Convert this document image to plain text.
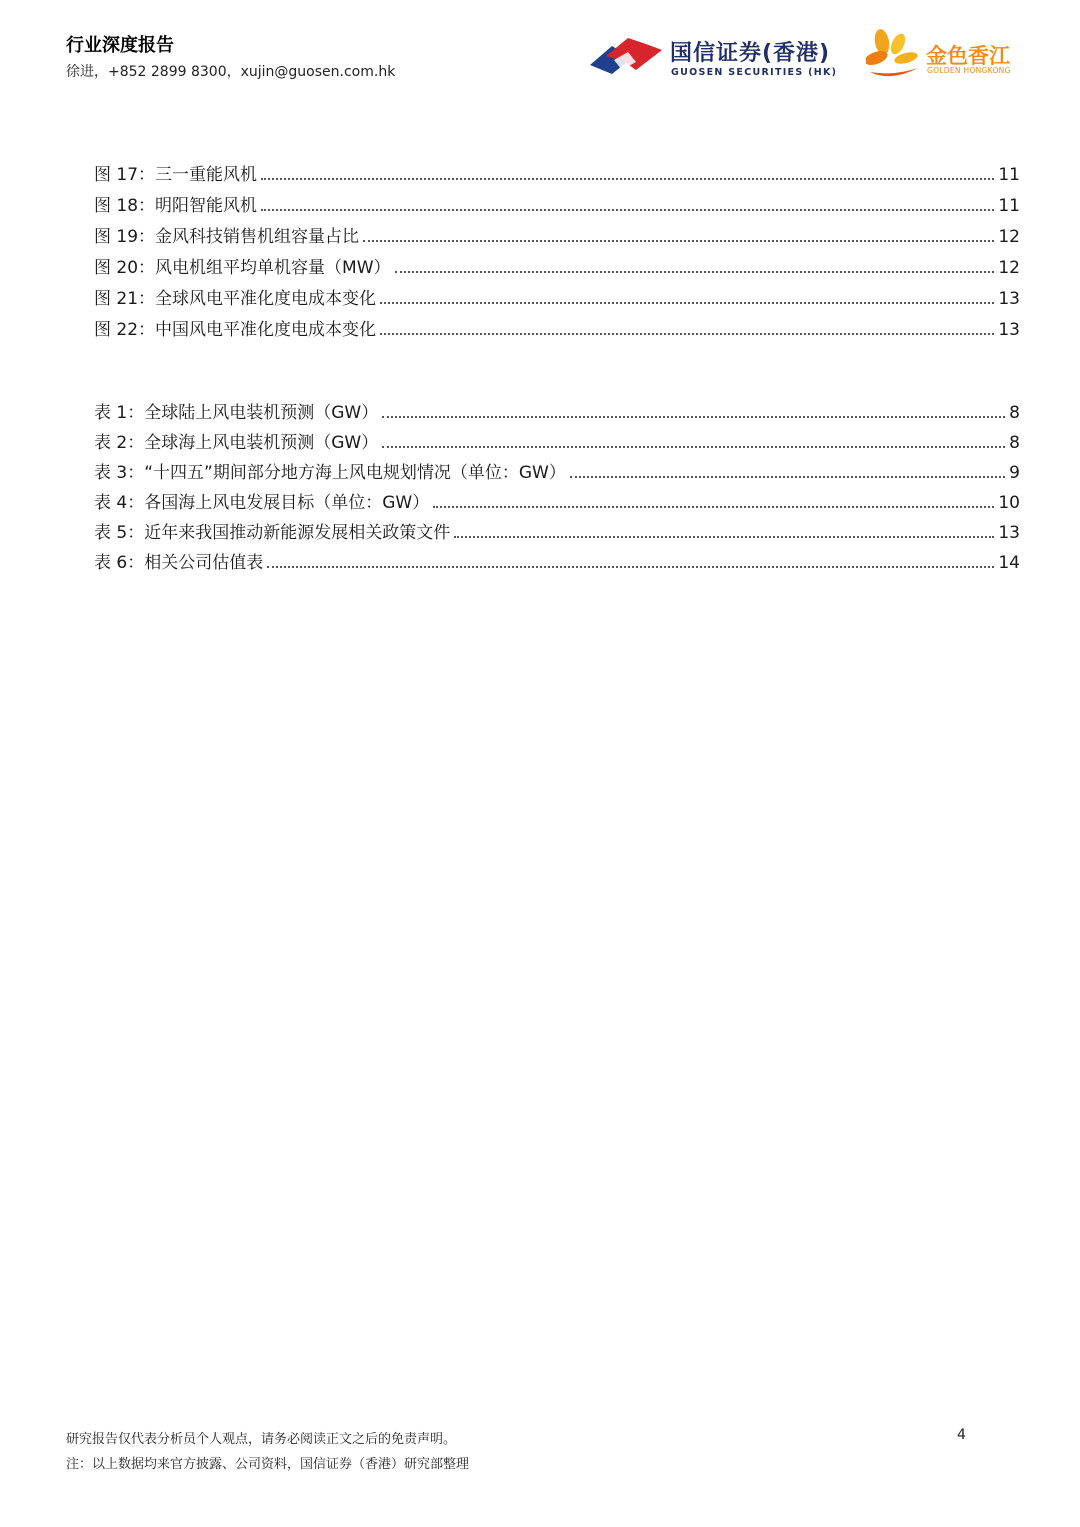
行业深度报告
徐进，+852 2899 8300，xujin@guosen.com.hk
国信证券(香港)
GUOSEN SECURITIES (HK)
金色香江
GOLDEN HONGKONG
图 17：三一重能风机	11
图 18：明阳智能风机	11
图 19：金风科技销售机组容量占比	12
图 20：风电机组平均单机容量（MW）	12
图 21：全球风电平准化度电成本变化	13
图 22：中国风电平准化度电成本变化	13
表 1：全球陆上风电装机预测（GW）	8
表 2：全球海上风电装机预测（GW）	8
表 3：“十四五”期间部分地方海上风电规划情况（单位：GW）	9
表 4：各国海上风电发展目标（单位：GW）	10
表 5：近年来我国推动新能源发展相关政策文件	13
表 6：相关公司估值表	14
研究报告仅代表分析员个人观点，请务必阅读正文之后的免责声明。	4
注：以上数据均来官方披露、公司资料，国信证券（香港）研究部整理
